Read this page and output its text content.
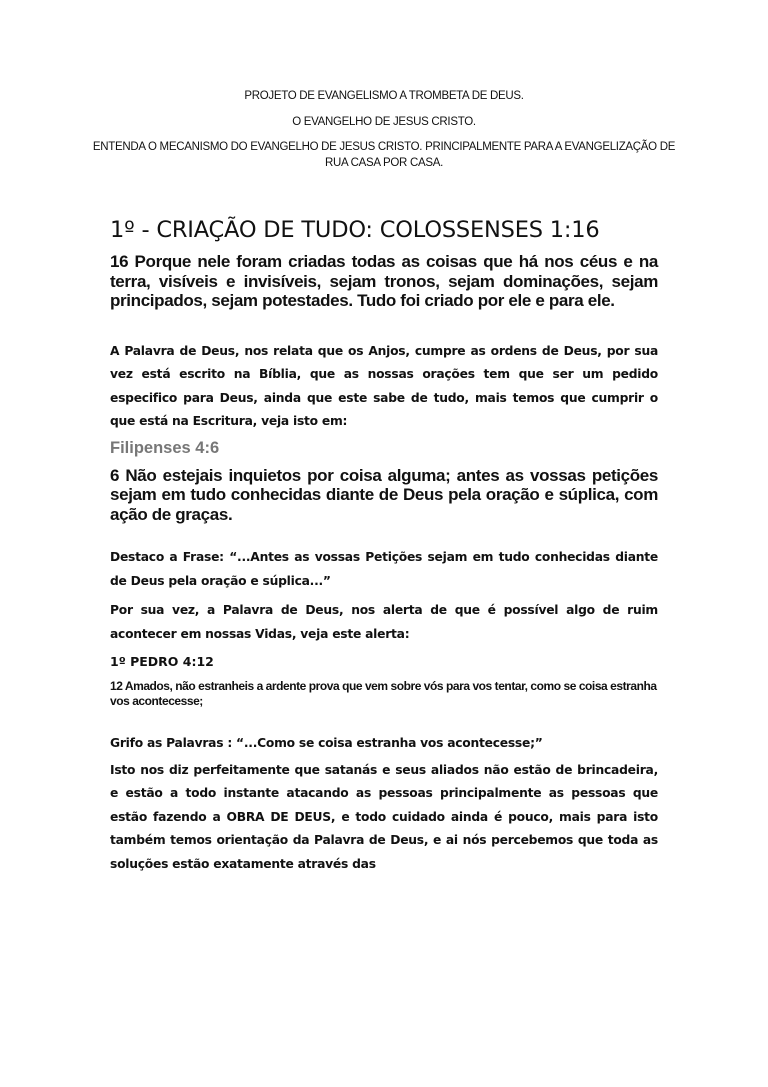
PROJETO DE EVANGELISMO A TROMBETA DE DEUS.
O EVANGELHO DE JESUS CRISTO.
ENTENDA O MECANISMO DO EVANGELHO DE JESUS CRISTO. PRINCIPALMENTE PARA A EVANGELIZAÇÃO DE RUA CASA POR CASA.
1º - CRIAÇÃO DE TUDO: COLOSSENSES 1:16
16 Porque nele foram criadas todas as coisas que há nos céus e na terra, visíveis e invisíveis, sejam tronos, sejam dominações, sejam principados, sejam potestades. Tudo foi criado por ele e para ele.
A Palavra de Deus, nos relata que os Anjos, cumpre as ordens de Deus, por sua vez está escrito na Bíblia, que as nossas orações tem que ser um pedido especifico para Deus, ainda que este sabe de tudo, mais temos que cumprir o que está na Escritura, veja isto em:
Filipenses 4:6
6 Não estejais inquietos por coisa alguma; antes as vossas petições sejam em tudo conhecidas diante de Deus pela oração e súplica, com ação de graças.
Destaco a Frase: “...Antes as vossas Petições sejam em tudo conhecidas diante de Deus pela oração e súplica...”
Por sua vez, a Palavra de Deus, nos alerta de que é possível algo de ruim acontecer em nossas Vidas, veja este alerta:
1º PEDRO 4:12
12 Amados, não estranheis a ardente prova que vem sobre vós para vos tentar, como se coisa estranha vos acontecesse;
Grifo as Palavras : “...Como se coisa estranha vos acontecesse;”
Isto nos diz perfeitamente que satanás e seus aliados não estão de brincadeira, e estão a todo instante atacando as pessoas principalmente as pessoas que estão fazendo a OBRA DE DEUS, e todo cuidado ainda é pouco, mais para isto também temos orientação da Palavra de Deus, e ai nós percebemos que toda as soluções estão exatamente através das
